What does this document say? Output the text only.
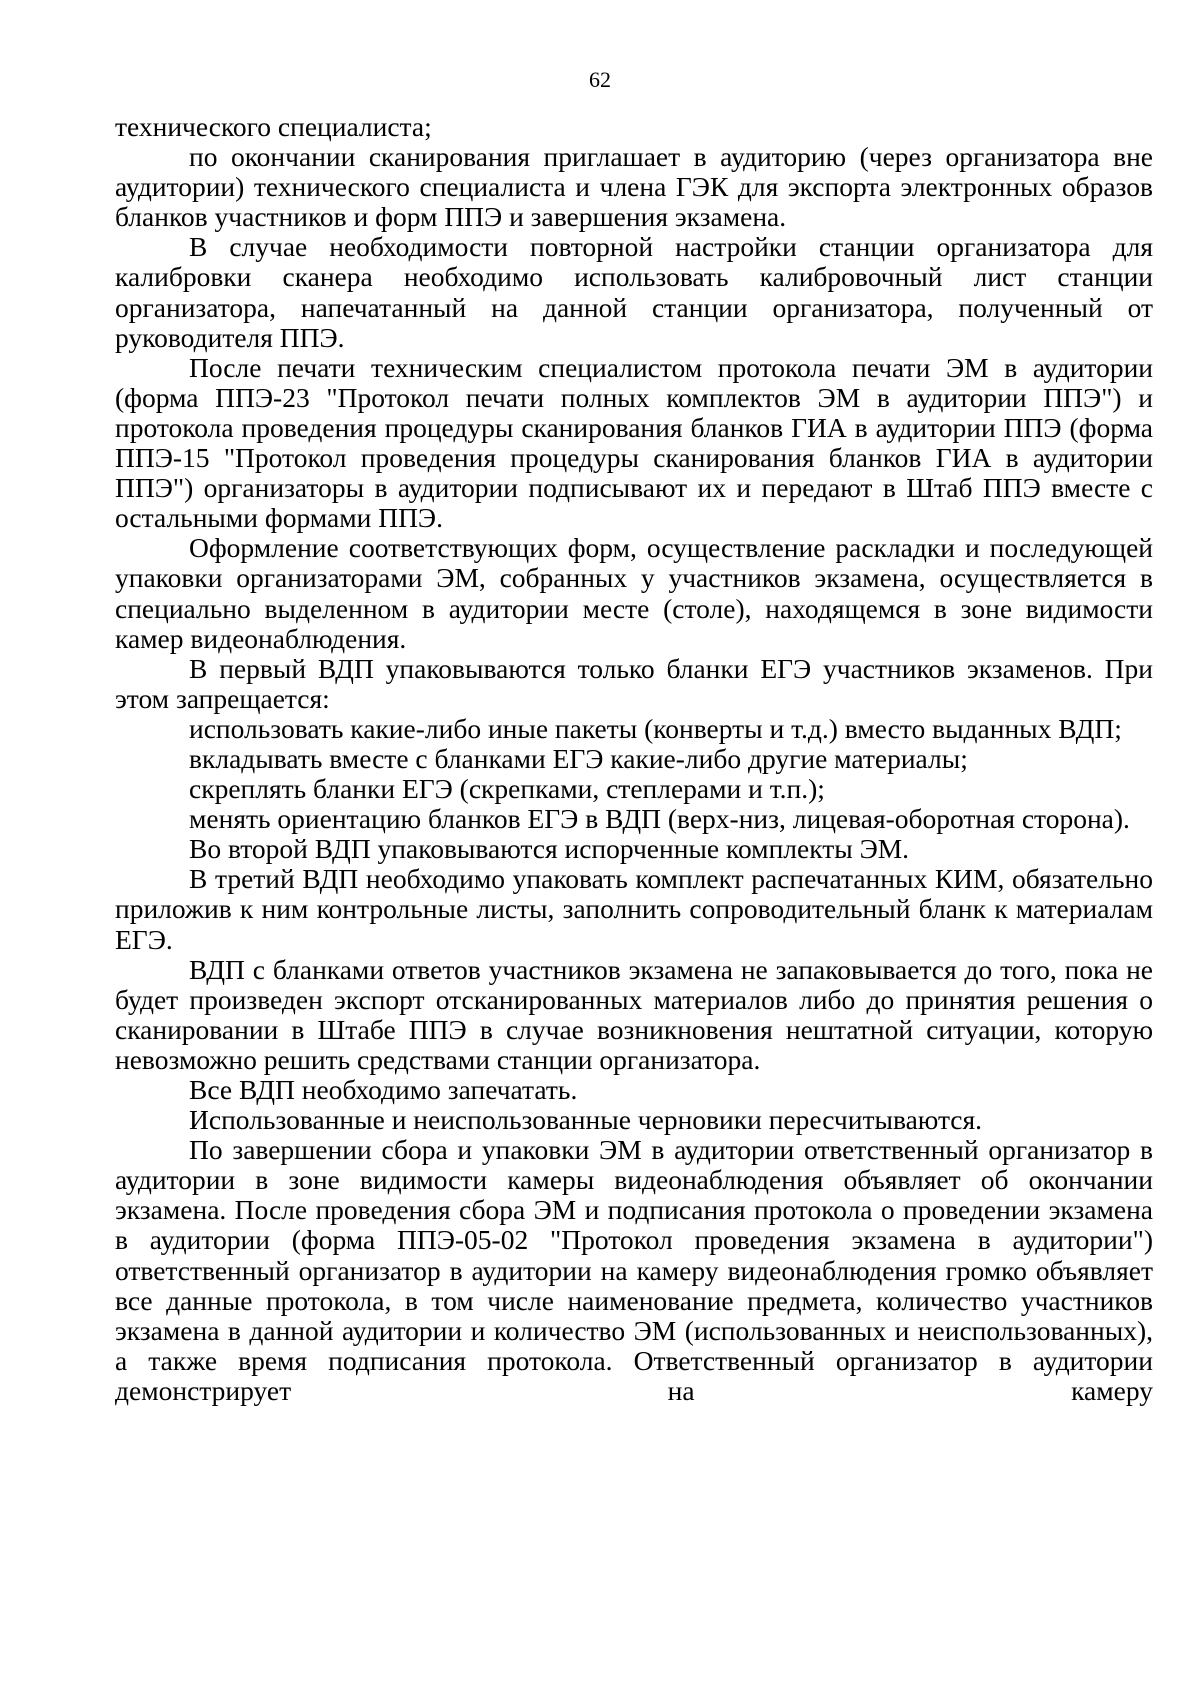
62

технического специалиста;

по окончании сканирования приглашает в аудиторию (через организатора вне аудитории) технического специалиста и члена ГЭК для экспорта электронных образов бланков участников и форм ППЭ и завершения экзамена.

В случае необходимости повторной настройки станции организатора для калибровки сканера необходимо использовать калибровочный лист станции организатора, напечатанный на данной станции организатора, полученный от руководителя ППЭ.

После печати техническим специалистом протокола печати ЭМ в аудитории (форма ППЭ-23 "Протокол печати полных комплектов ЭМ в аудитории ППЭ") и протокола проведения процедуры сканирования бланков ГИА в аудитории ППЭ (форма ППЭ-15 "Протокол проведения процедуры сканирования бланков ГИА в аудитории ППЭ") организаторы в аудитории подписывают их и передают в Штаб ППЭ вместе с остальными формами ППЭ.

Оформление соответствующих форм, осуществление раскладки и последующей упаковки организаторами ЭМ, собранных у участников экзамена, осуществляется в специально выделенном в аудитории месте (столе), находящемся в зоне видимости камер видеонаблюдения.

В первый ВДП упаковываются только бланки ЕГЭ участников экзаменов. При этом запрещается:

использовать какие-либо иные пакеты (конверты и т.д.) вместо выданных ВДП;

вкладывать вместе с бланками ЕГЭ какие-либо другие материалы;

скреплять бланки ЕГЭ (скрепками, степлерами и т.п.);

менять ориентацию бланков ЕГЭ в ВДП (верх-низ, лицевая-оборотная сторона).

Во второй ВДП упаковываются испорченные комплекты ЭМ.

В третий ВДП необходимо упаковать комплект распечатанных КИМ, обязательно приложив к ним контрольные листы, заполнить сопроводительный бланк к материалам ЕГЭ.

ВДП с бланками ответов участников экзамена не запаковывается до того, пока не будет произведен экспорт отсканированных материалов либо до принятия решения о сканировании в Штабе ППЭ в случае возникновения нештатной ситуации, которую невозможно решить средствами станции организатора.

Все ВДП необходимо запечатать.

Использованные и неиспользованные черновики пересчитываются.

По завершении сбора и упаковки ЭМ в аудитории ответственный организатор в аудитории в зоне видимости камеры видеонаблюдения объявляет об окончании экзамена. После проведения сбора ЭМ и подписания протокола о проведении экзамена в аудитории (форма ППЭ-05-02 "Протокол проведения экзамена в аудитории") ответственный организатор в аудитории на камеру видеонаблюдения громко объявляет все данные протокола, в том числе наименование предмета, количество участников экзамена в данной аудитории и количество ЭМ (использованных и неиспользованных), а также время подписания протокола. Ответственный организатор в аудитории демонстрирует на камеру
